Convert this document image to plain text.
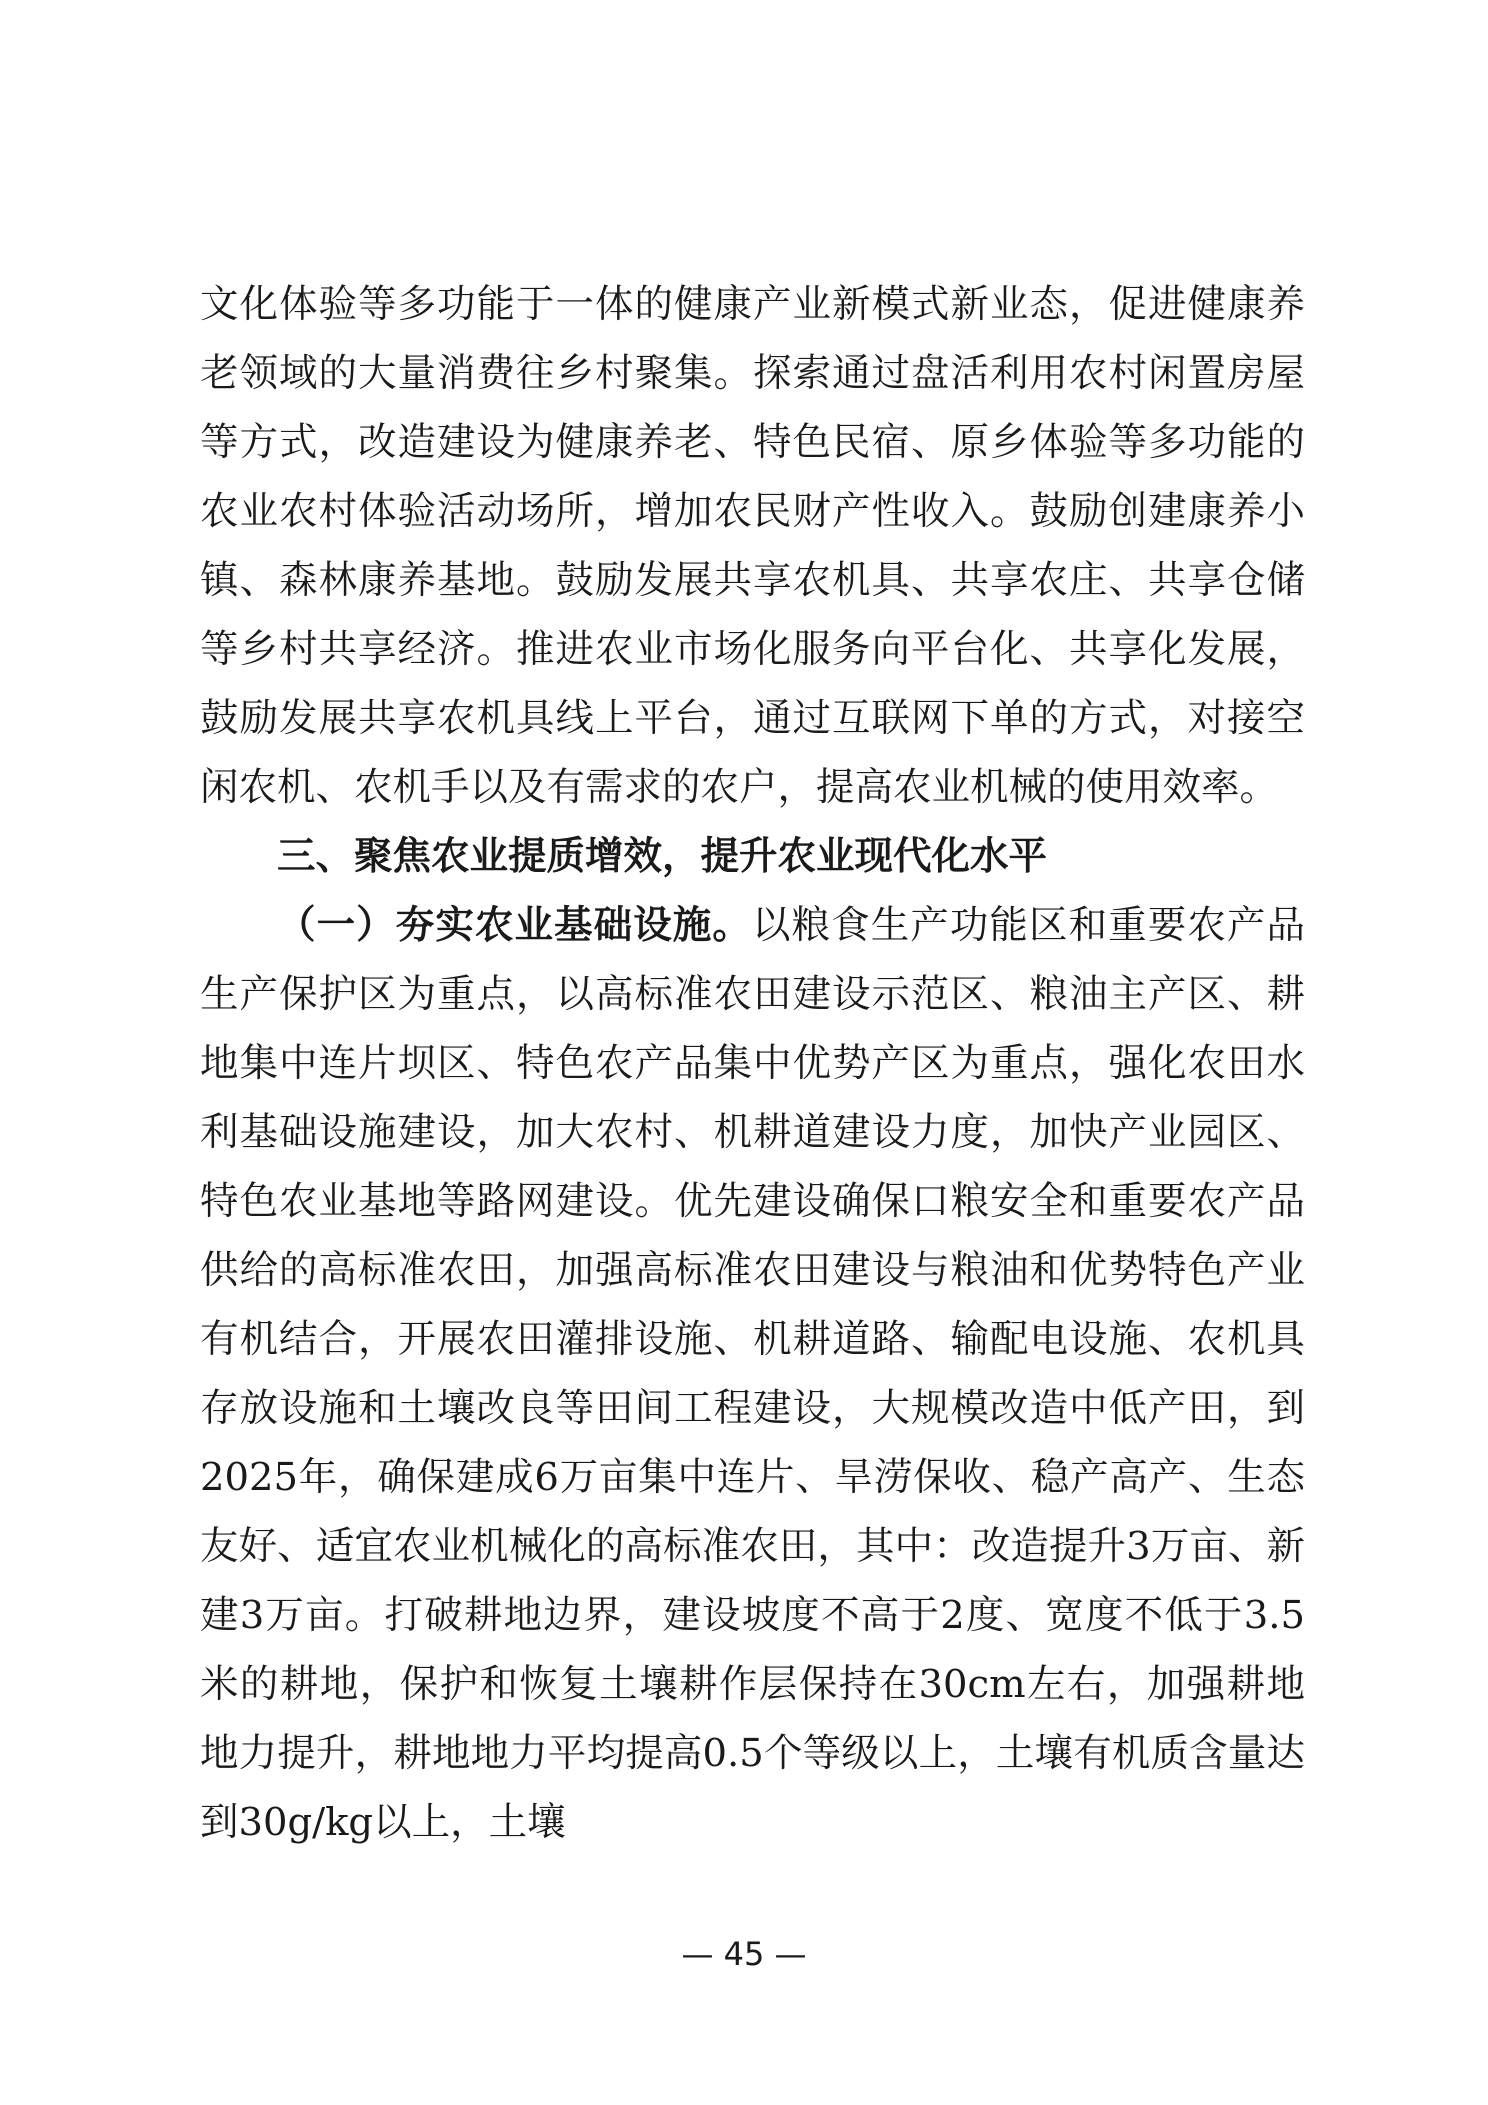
文化体验等多功能于一体的健康产业新模式新业态，促进健康养老领域的大量消费往乡村聚集。探索通过盘活利用农村闲置房屋等方式，改造建设为健康养老、特色民宿、原乡体验等多功能的农业农村体验活动场所，增加农民财产性收入。鼓励创建康养小镇、森林康养基地。鼓励发展共享农机具、共享农庄、共享仓储等乡村共享经济。推进农业市场化服务向平台化、共享化发展，鼓励发展共享农机具线上平台，通过互联网下单的方式，对接空闲农机、农机手以及有需求的农户，提高农业机械的使用效率。

三、聚焦农业提质增效，提升农业现代化水平

（一）夯实农业基础设施。以粮食生产功能区和重要农产品生产保护区为重点，以高标准农田建设示范区、粮油主产区、耕地集中连片坝区、特色农产品集中优势产区为重点，强化农田水利基础设施建设，加大农村、机耕道建设力度，加快产业园区、特色农业基地等路网建设。优先建设确保口粮安全和重要农产品供给的高标准农田，加强高标准农田建设与粮油和优势特色产业有机结合，开展农田灌排设施、机耕道路、输配电设施、农机具存放设施和土壤改良等田间工程建设，大规模改造中低产田，到2025年，确保建成6万亩集中连片、旱涝保收、稳产高产、生态友好、适宜农业机械化的高标准农田，其中：改造提升3万亩、新建3万亩。打破耕地边界，建设坡度不高于2度、宽度不低于3.5米的耕地，保护和恢复土壤耕作层保持在30cm左右，加强耕地地力提升，耕地地力平均提高0.5个等级以上，土壤有机质含量达到30g/kg以上，土壤

— 45 —
